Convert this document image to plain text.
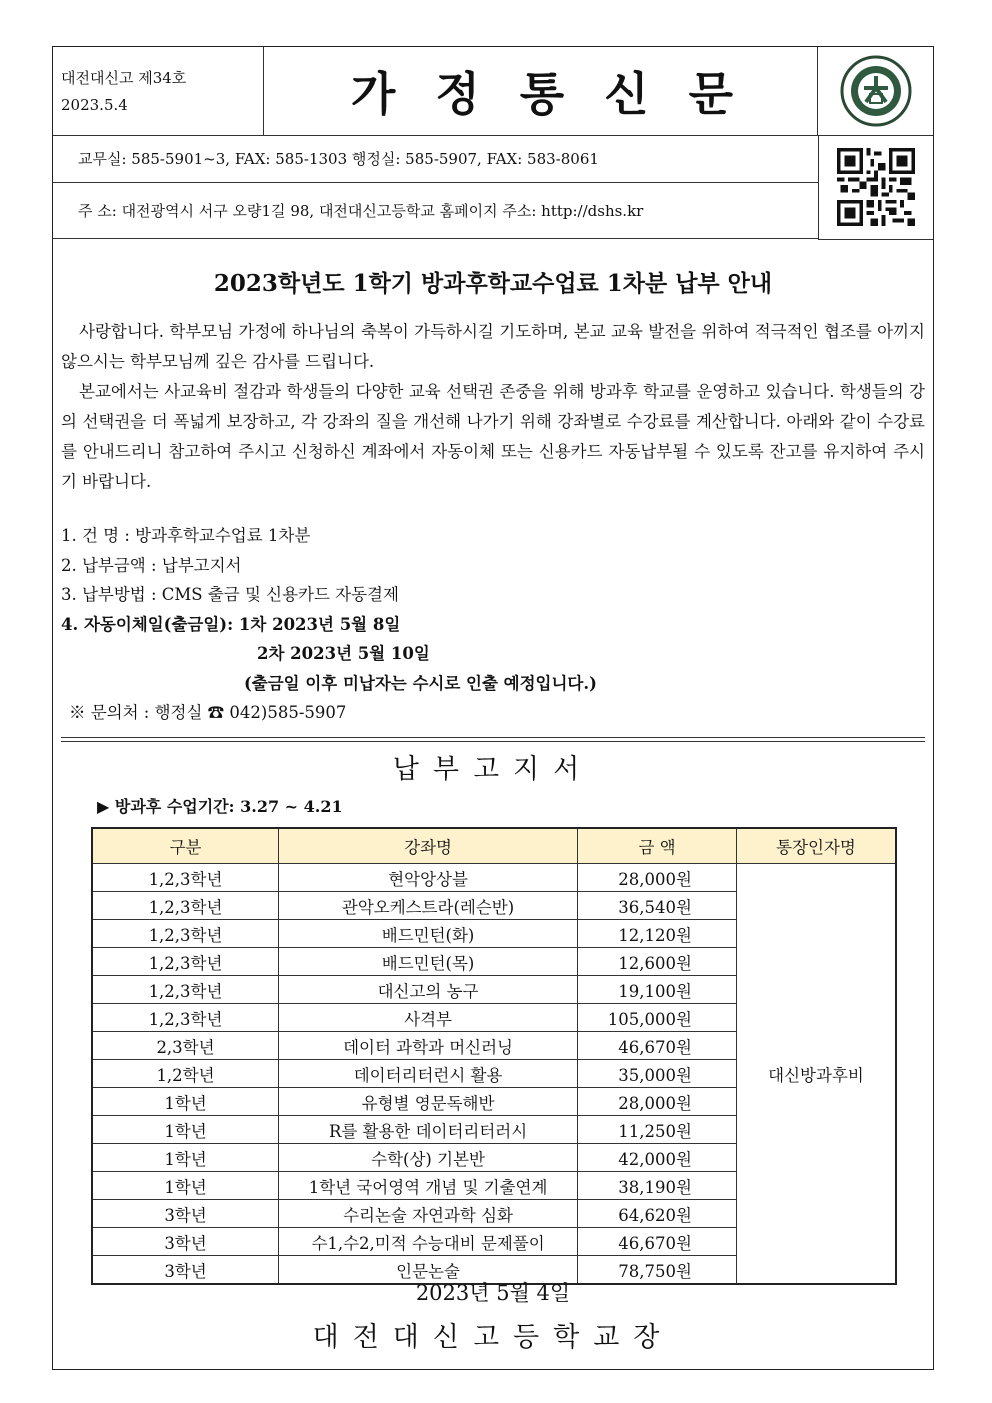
대전대신고 제34호
2023.5.4	가정통신문
교무실: 585-5901~3, FAX: 585-1303 행정실: 585-5907, FAX: 583-8061
주 소: 대전광역시 서구 오량1길 98, 대전대신고등학교 홈페이지 주소: http://dshs.kr
2023학년도 1학기 방과후학교수업료 1차분 납부 안내

사랑합니다. 학부모님 가정에 하나님의 축복이 가득하시길 기도하며, 본교 교육 발전을 위하여 적극적인 협조를 아끼지 않으시는 학부모님께 깊은 감사를 드립니다.

본교에서는 사교육비 절감과 학생들의 다양한 교육 선택권 존중을 위해 방과후 학교를 운영하고 있습니다. 학생들의 강의 선택권을 더 폭넓게 보장하고, 각 강좌의 질을 개선해 나가기 위해 강좌별로 수강료를 계산합니다. 아래와 같이 수강료를 안내드리니 참고하여 주시고 신청하신 계좌에서 자동이체 또는 신용카드 자동납부될 수 있도록 잔고를 유지하여 주시기 바랍니다.

1. 건 명 : 방과후학교수업료 1차분
2. 납부금액 : 납부고지서
3. 납부방법 : CMS 출금 및 신용카드 자동결제
4. 자동이체일(출금일): 1차 2023년 5월 8일
2차 2023년 5월 10일
(출금일 이후 미납자는 수시로 인출 예정입니다.)
※ 문의처 : 행정실 ☎ 042)585-5907
납부고지서
▶ 방과후 수업기간: 3.27 ~ 4.21
구분	강좌명	금 액	통장인자명
1,2,3학년	현악앙상블	28,000원	대신방과후비
1,2,3학년	관악오케스트라(레슨반)	36,540원	
1,2,3학년	배드민턴(화)	12,120원	
1,2,3학년	배드민턴(목)	12,600원	
1,2,3학년	대신고의 농구	19,100원	
1,2,3학년	사격부	105,000원	
2,3학년	데이터 과학과 머신러닝	46,670원	
1,2학년	데이터리터런시 활용	35,000원	
1학년	유형별 영문독해반	28,000원	
1학년	R를 활용한 데이터리터러시	11,250원	
1학년	수학(상) 기본반	42,000원	
1학년	1학년 국어영역 개념 및 기출연계	38,190원	
3학년	수리논술 자연과학 심화	64,620원	
3학년	수1,수2,미적 수능대비 문제풀이	46,670원	
3학년	인문논술	78,750원	
2023년 5월 4일
대전대신고등학교장
